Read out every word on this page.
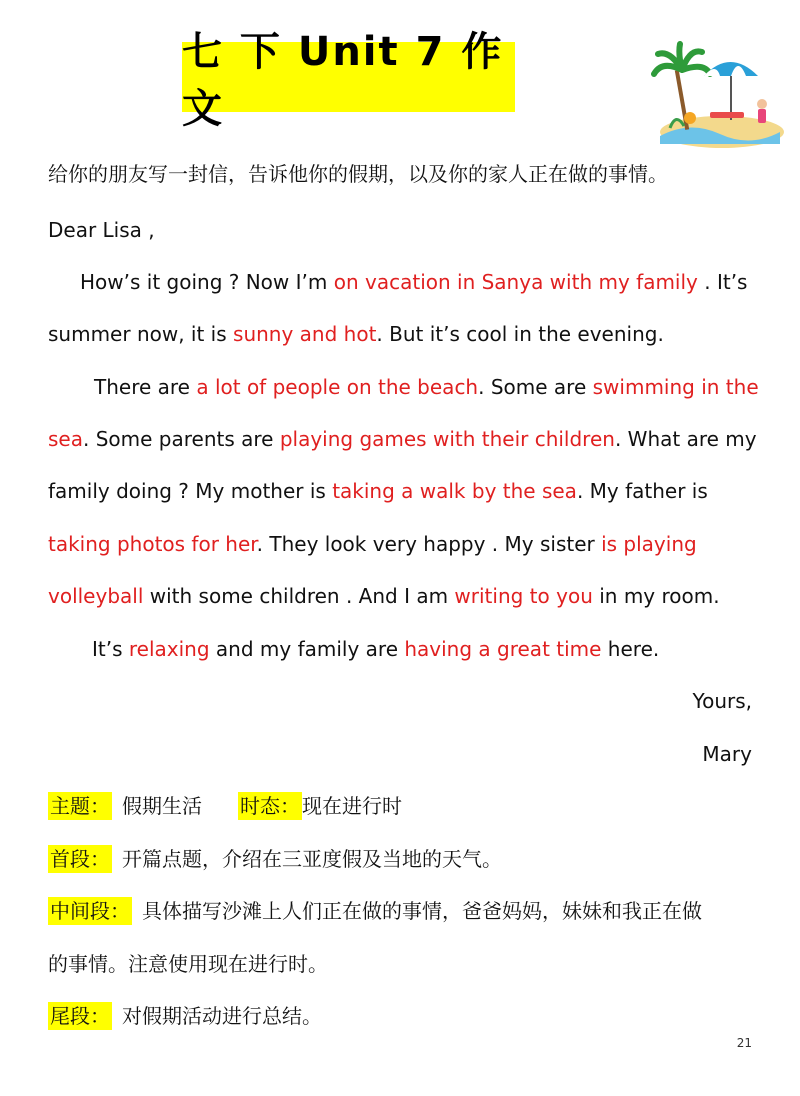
七 下 Unit 7 作 文
给你的朋友写一封信，告诉他你的假期，以及你的家人正在做的事情。
Dear Lisa ,
How’s it going ? Now I’m on vacation in Sanya with my family . It’s
summer now, it is sunny and hot. But it’s cool in the evening.
There are a lot of people on the beach. Some are swimming in the
sea. Some parents are playing games with their children. What are my
family doing ? My mother is taking a walk by the sea. My father is
taking photos for her. They look very happy . My sister is playing
volleyball with some children . And I am writing to you in my room.
It’s relaxing and my family are having a great time here.
Yours,
Mary
主题： 假期生活 时态： 现在进行时
首段： 开篇点题，介绍在三亚度假及当地的天气。
中间段： 具体描写沙滩上人们正在做的事情，爸爸妈妈，妹妹和我正在做
的事情。注意使用现在进行时。
尾段： 对假期活动进行总结。
21
